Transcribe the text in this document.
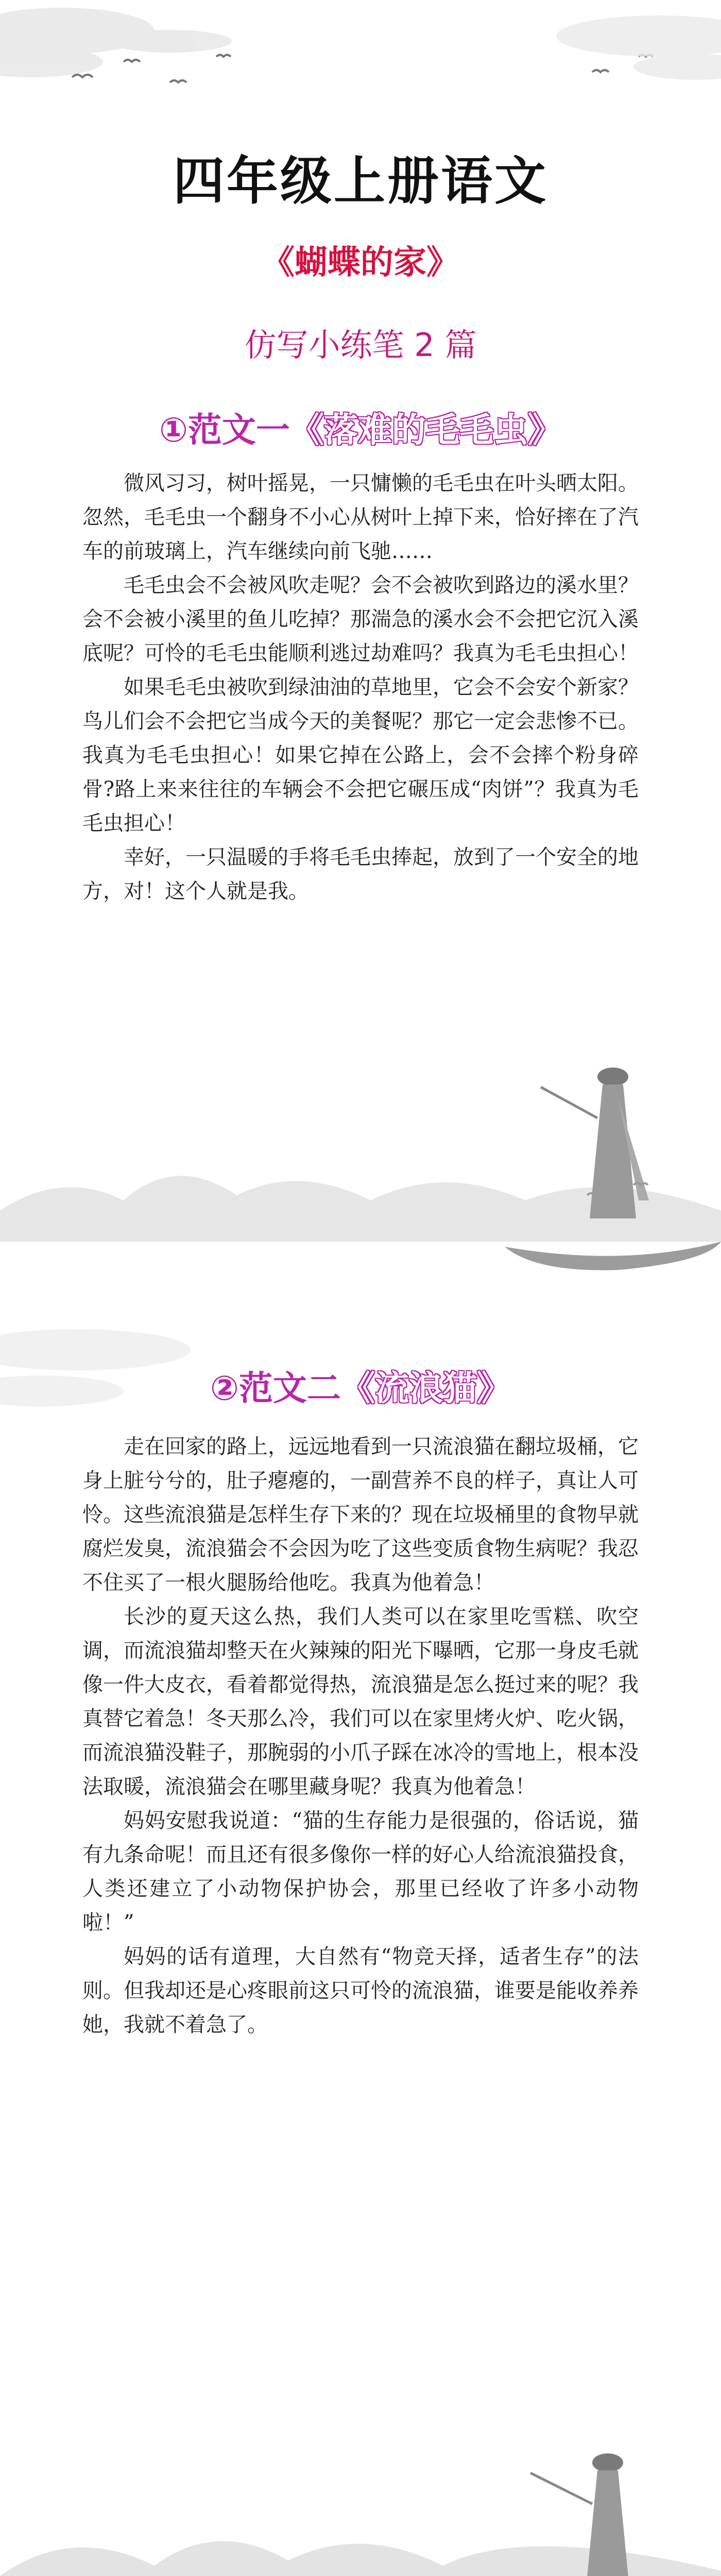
四年级上册语文
《蝴蝶的家》
仿写小练笔 2 篇
①范文一《落难的毛毛虫》

微风习习，树叶摇晃，一只慵懒的毛毛虫在叶头晒太阳。忽然，毛毛虫一个翻身不小心从树叶上掉下来，恰好摔在了汽车的前玻璃上，汽车继续向前飞驰……

毛毛虫会不会被风吹走呢？会不会被吹到路边的溪水里？会不会被小溪里的鱼儿吃掉？那湍急的溪水会不会把它沉入溪底呢？可怜的毛毛虫能顺利逃过劫难吗？我真为毛毛虫担心！

如果毛毛虫被吹到绿油油的草地里，它会不会安个新家？鸟儿们会不会把它当成今天的美餐呢？那它一定会悲惨不已。我真为毛毛虫担心！如果它掉在公路上，会不会摔个粉身碎骨?路上来来往往的车辆会不会把它碾压成“肉饼”？我真为毛毛虫担心！

幸好，一只温暖的手将毛毛虫捧起，放到了一个安全的地方，对！这个人就是我。

②范文二《流浪猫》

走在回家的路上，远远地看到一只流浪猫在翻垃圾桶，它身上脏兮兮的，肚子瘪瘪的，一副营养不良的样子，真让人可怜。这些流浪猫是怎样生存下来的？现在垃圾桶里的食物早就腐烂发臭，流浪猫会不会因为吃了这些变质食物生病呢？我忍不住买了一根火腿肠给他吃。我真为他着急！

长沙的夏天这么热，我们人类可以在家里吃雪糕、吹空调，而流浪猫却整天在火辣辣的阳光下曝晒，它那一身皮毛就像一件大皮衣，看着都觉得热，流浪猫是怎么挺过来的呢？我真替它着急！冬天那么冷，我们可以在家里烤火炉、吃火锅，而流浪猫没鞋子，那腕弱的小爪子踩在冰冷的雪地上，根本没法取暖，流浪猫会在哪里藏身呢？我真为他着急！

妈妈安慰我说道：“猫的生存能力是很强的，俗话说，猫有九条命呢！而且还有很多像你一样的好心人给流浪猫投食，人类还建立了小动物保护协会，那里已经收了许多小动物啦！”

妈妈的话有道理，大自然有“物竞天择，适者生存”的法则。但我却还是心疼眼前这只可怜的流浪猫，谁要是能收养养她，我就不着急了。
